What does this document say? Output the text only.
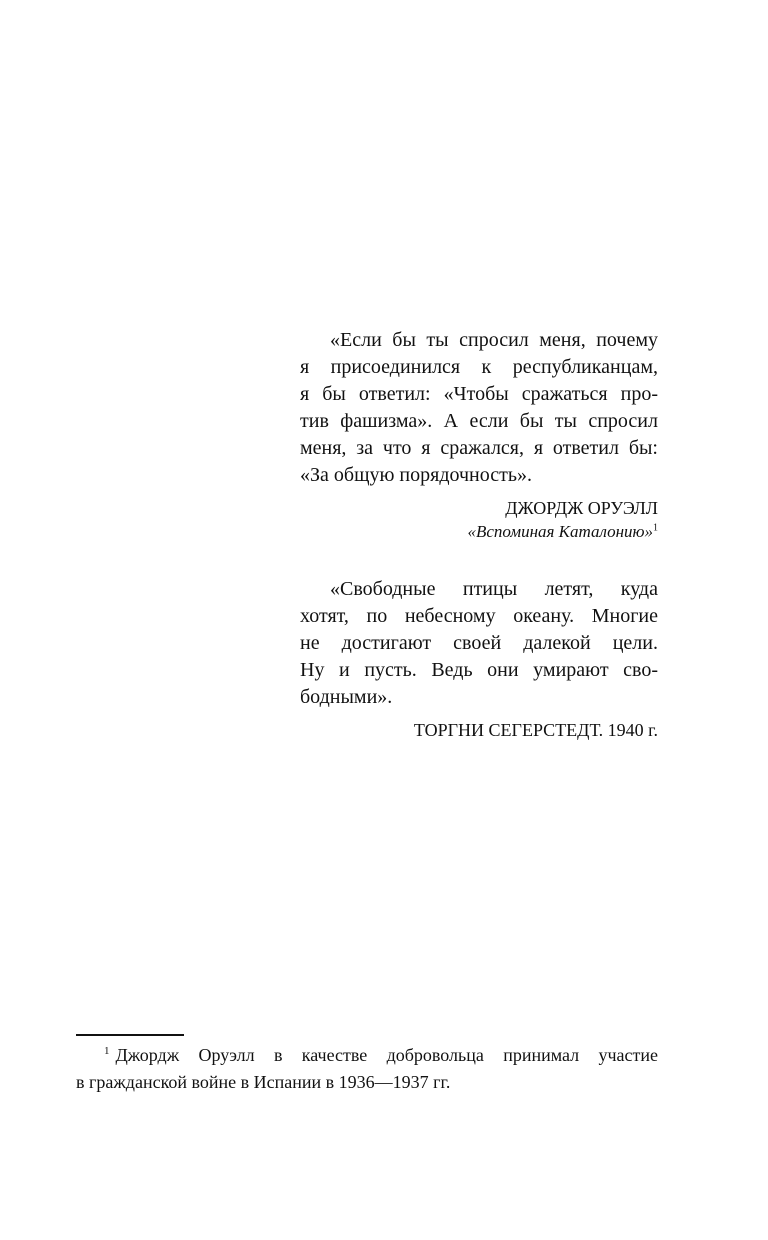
«Если бы ты спросил меня, почему
я присоединился к республиканцам,
я бы ответил: «Чтобы сражаться про-
тив фашизма». А если бы ты спросил
меня, за что я сражался, я ответил бы:
«За общую порядочность».
ДЖОРДЖ ОРУЭЛЛ
«Вспоминая Каталонию»$^1$
«Свободные птицы летят, куда
хотят, по небесному океану. Многие
не достигают своей далекой цели.
Ну и пусть. Ведь они умирают сво-
бодными».
ТОРГНИ СЕГЕРСТЕДТ. 1940 г.
$^1$ Джордж Оруэлл в качестве добровольца принимал участие
в гражданской войне в Испании в 1936—1937 гг.
